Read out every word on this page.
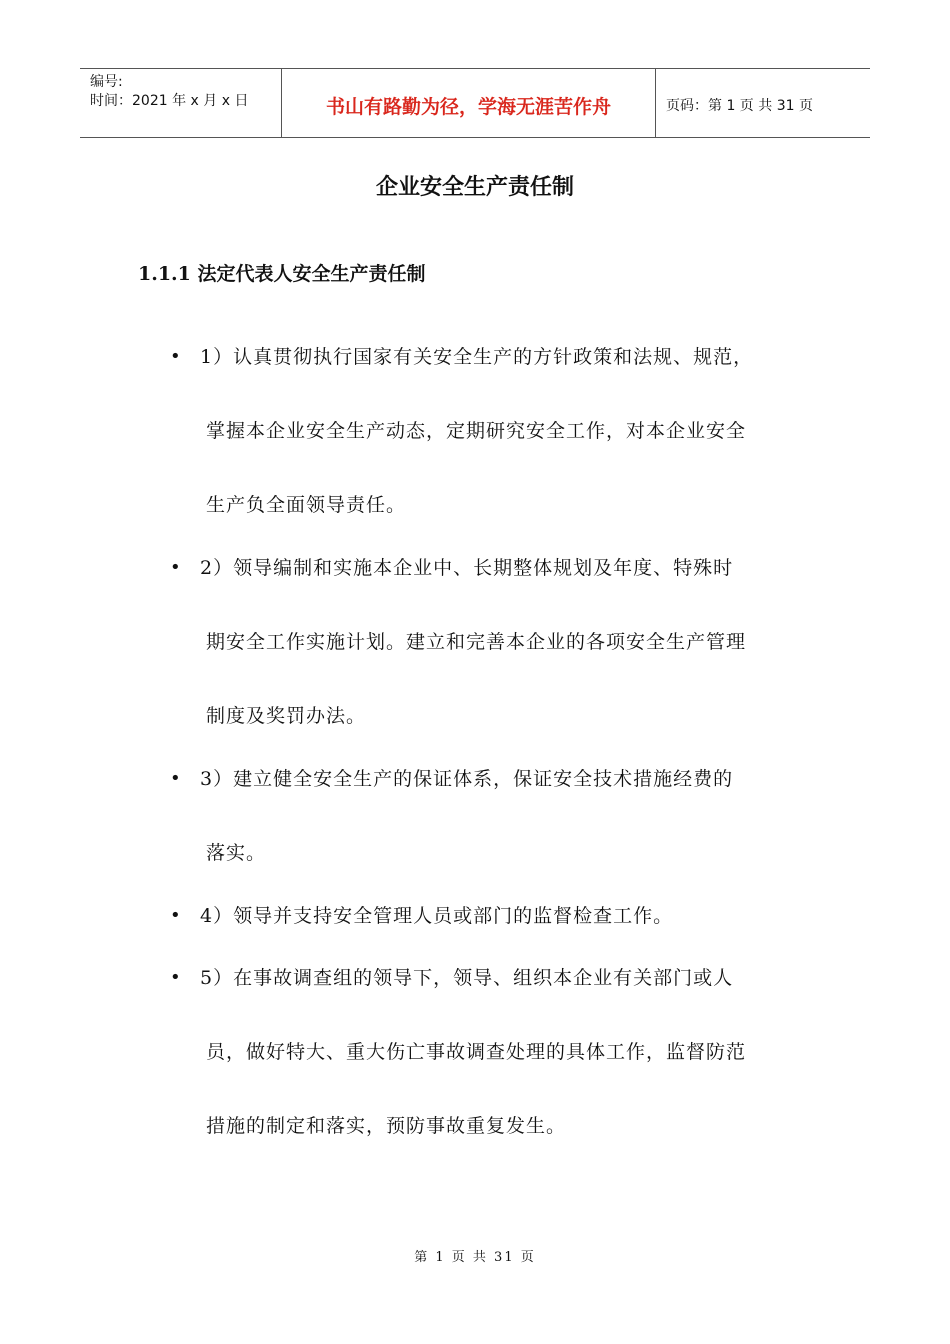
编号:
时间：2021 年 x 月 x 日	书山有路勤为径，学海无涯苦作舟	页码：第 1 页 共 31 页
企业安全生产责任制
1.1.1 法定代表人安全生产责任制
• 1）认真贯彻执行国家有关安全生产的方针政策和法规、规范，
掌握本企业安全生产动态，定期研究安全工作，对本企业安全
生产负全面领导责任。
• 2）领导编制和实施本企业中、长期整体规划及年度、特殊时
期安全工作实施计划。建立和完善本企业的各项安全生产管理
制度及奖罚办法。
• 3）建立健全安全生产的保证体系，保证安全技术措施经费的
落实。
• 4）领导并支持安全管理人员或部门的监督检查工作。
• 5）在事故调查组的领导下，领导、组织本企业有关部门或人
员，做好特大、重大伤亡事故调查处理的具体工作，监督防范
措施的制定和落实，预防事故重复发生。
第 1 页 共 31 页
